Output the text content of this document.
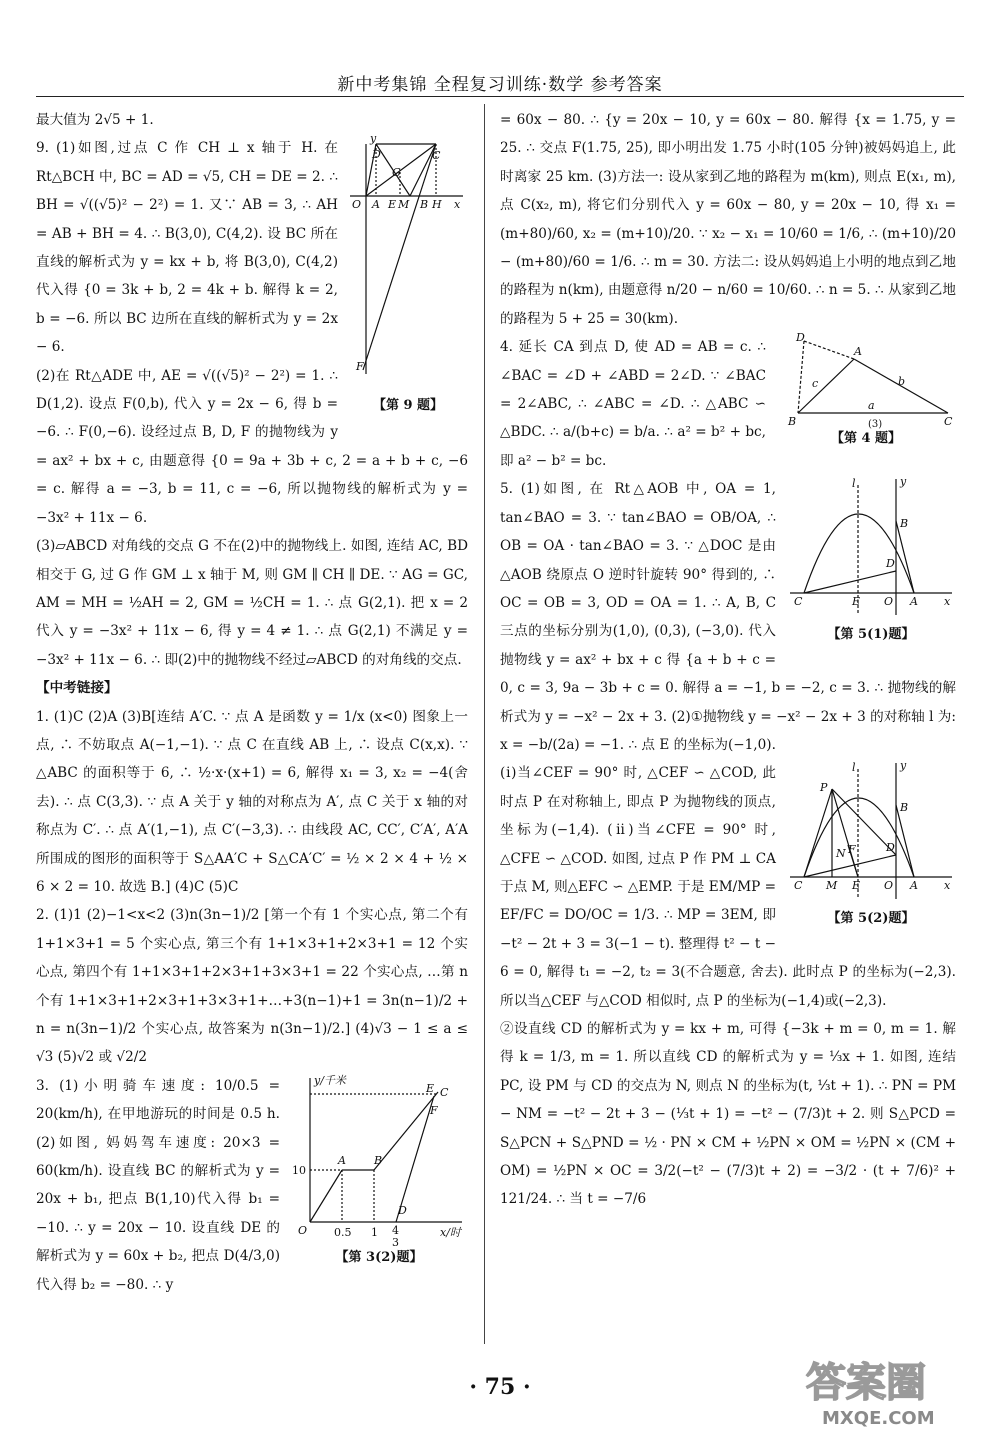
新中考集锦 全程复习训练·数学 参考答案

最大值为 2√5 + 1.

y
D	C
G
O A E M B H x
F
【第 9 题】

9. (1)如图,过点 C 作 CH ⊥ x 轴于 H. 在 Rt△BCH 中, BC = AD = √5, CH = DE = 2. ∴ BH = √((√5)² − 2²) = 1. 又∵ AB = 3, ∴ AH = AB + BH = 4. ∴ B(3,0), C(4,2). 设 BC 所在直线的解析式为 y = kx + b, 将 B(3,0), C(4,2) 代入得 {0 = 3k + b, 2 = 4k + b. 解得 k = 2, b = −6. 所以 BC 边所在直线的解析式为 y = 2x − 6.

(2)在 Rt△ADE 中, AE = √((√5)² − 2²) = 1. ∴ D(1,2). 设点 F(0,b), 代入 y = 2x − 6, 得 b = −6. ∴ F(0,−6). 设经过点 B, D, F 的抛物线为 y = ax² + bx + c, 由题意得 {0 = 9a + 3b + c, 2 = a + b + c, −6 = c. 解得 a = −3, b = 11, c = −6, 所以抛物线的解析式为 y = −3x² + 11x − 6.

(3)▱ABCD 对角线的交点 G 不在(2)中的抛物线上. 如图, 连结 AC, BD 相交于 G, 过 G 作 GM ⊥ x 轴于 M, 则 GM ∥ CH ∥ DE. ∵ AG = GC, AM = MH = ½AH = 2, GM = ½CH = 1. ∴ 点 G(2,1). 把 x = 2 代入 y = −3x² + 11x − 6, 得 y = 4 ≠ 1. ∴ 点 G(2,1) 不满足 y = −3x² + 11x − 6. ∴ 即(2)中的抛物线不经过▱ABCD 的对角线的交点.

【中考链接】

1. (1)C (2)A (3)B[连结 A′C. ∵ 点 A 是函数 y = 1/x (x<0) 图象上一点, ∴ 不妨取点 A(−1,−1). ∵ 点 C 在直线 AB 上, ∴ 设点 C(x,x). ∵ △ABC 的面积等于 6, ∴ ½·x·(x+1) = 6, 解得 x₁ = 3, x₂ = −4(舍去). ∴ 点 C(3,3). ∵ 点 A 关于 y 轴的对称点为 A′, 点 C 关于 x 轴的对称点为 C′. ∴ 点 A′(1,−1), 点 C′(−3,3). ∴ 由线段 AC, CC′, C′A′, A′A 所围成的图形的面积等于 S△AA′C + S△CA′C′ = ½ × 2 × 4 + ½ × 6 × 2 = 10. 故选 B.] (4)C (5)C

2. (1)1 (2)−1<x<2 (3)n(3n−1)/2 [第一个有 1 个实心点, 第二个有 1+1×3+1 = 5 个实心点, 第三个有 1+1×3+1+2×3+1 = 12 个实心点, 第四个有 1+1×3+1+2×3+1+3×3+1 = 22 个实心点, …第 n 个有 1+1×3+1+2×3+1+3×3+1+…+3(n−1)+1 = 3n(n−1)/2 + n = n(3n−1)/2 个实心点, 故答案为 n(3n−1)/2.] (4)√3 − 1 ≤ a ≤ √3 (5)√2 或 √2/2

y/千米
10
O 0.5 1 4
3
x/时
A	B
E C
F
D
【第 3(2)题】

3. (1)小明骑车速度: 10/0.5 = 20(km/h), 在甲地游玩的时间是 0.5 h. (2)如图, 妈妈驾车速度: 20×3 = 60(km/h). 设直线 BC 的解析式为 y = 20x + b₁, 把点 B(1,10)代入得 b₁ = −10. ∴ y = 20x − 10. 设直线 DE 的解析式为 y = 60x + b₂, 把点 D(4/3,0)代入得 b₂ = −80. ∴ y

= 60x − 80. ∴ {y = 20x − 10, y = 60x − 80. 解得 {x = 1.75, y = 25. ∴ 交点 F(1.75, 25), 即小明出发 1.75 小时(105 分钟)被妈妈追上, 此时离家 25 km. (3)方法一: 设从家到乙地的路程为 m(km), 则点 E(x₁, m), 点 C(x₂, m), 将它们分别代入 y = 60x − 80, y = 20x − 10, 得 x₁ = (m+80)/60, x₂ = (m+10)/20. ∵ x₂ − x₁ = 10/60 = 1/6, ∴ (m+10)/20 − (m+80)/60 = 1/6. ∴ m = 30. 方法二: 设从妈妈追上小明的地点到乙地的路程为 n(km), 由题意得 n/20 − n/60 = 10/60. ∴ n = 5. ∴ 从家到乙地的路程为 5 + 25 = 30(km).

D
A
c	b
a
B	C
(3)
【第 4 题】

4. 延长 CA 到点 D, 使 AD = AB = c. ∴ ∠BAC = ∠D + ∠ABD = 2∠D. ∵ ∠BAC = 2∠ABC, ∴ ∠ABC = ∠D. ∴ △ABC ∽ △BDC. ∴ a/(b+c) = b/a. ∴ a² = b² + bc, 即 a² − b² = bc.

y
l
B
D
C	E O A x
【第 5(1)题】

5. (1)如图, 在 Rt△AOB 中, OA = 1, tan∠BAO = 3. ∵ tan∠BAO = OB/OA, ∴ OB = OA · tan∠BAO = 3. ∵ △DOC 是由△AOB 绕原点 O 逆时针旋转 90° 得到的, ∴ OC = OB = 3, OD = OA = 1. ∴ A, B, C 三点的坐标分别为(1,0), (0,3), (−3,0). 代入抛物线 y = ax² + bx + c 得 {a + b + c = 0, c = 3, 9a − 3b + c = 0. 解得 a = −1, b = −2, c = 3. ∴ 抛物线的解析式为 y = −x² − 2x + 3. (2)①抛物线 y = −x² − 2x + 3 的对称轴 l 为: x = −b/(2a) = −1. ∴ 点 E 的坐标为(−1,0).

y
l
P
B
D
N F
C M E O A x
【第 5(2)题】

(ⅰ)当∠CEF = 90° 时, △CEF ∽ △COD, 此时点 P 在对称轴上, 即点 P 为抛物线的顶点, 坐标为(−1,4). (ⅱ)当∠CFE = 90° 时, △CFE ∽ △COD. 如图, 过点 P 作 PM ⊥ CA 于点 M, 则△EFC ∽ △EMP. 于是 EM/MP = EF/FC = DO/OC = 1/3. ∴ MP = 3EM, 即 −t² − 2t + 3 = 3(−1 − t). 整理得 t² − t − 6 = 0, 解得 t₁ = −2, t₂ = 3(不合题意, 舍去). 此时点 P 的坐标为(−2,3). 所以当△CEF 与△COD 相似时, 点 P 的坐标为(−1,4)或(−2,3).

②设直线 CD 的解析式为 y = kx + m, 可得 {−3k + m = 0, m = 1. 解得 k = 1/3, m = 1. 所以直线 CD 的解析式为 y = ⅓x + 1. 如图, 连结 PC, 设 PM 与 CD 的交点为 N, 则点 N 的坐标为(t, ⅓t + 1). ∴ PN = PM − NM = −t² − 2t + 3 − (⅓t + 1) = −t² − (7/3)t + 2. 则 S△PCD = S△PCN + S△PND = ½ · PN × CM + ½PN × OM = ½PN × (CM + OM) = ½PN × OC = 3/2(−t² − (7/3)t + 2) = −3/2 · (t + 7/6)² + 121/24. ∴ 当 t = −7/6

· 75 ·	答案圈
MXQE.COM
